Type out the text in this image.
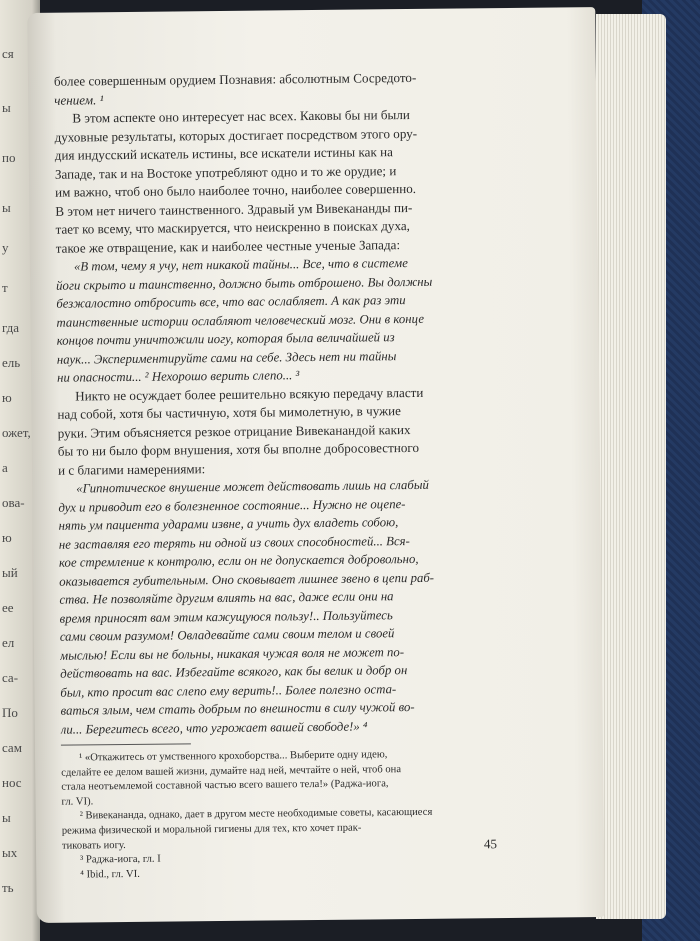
ся
ы
по
ы
у
т
гда
ель
ю
ожет,
а
ова-
ю
ый
ее
ел
са-
По
сам
нос
ы
ых
ть
более совершенным орудием Познавия: абсолютным Сосредото-
чением. ¹
В этом аспекте оно интересует нас всех. Каковы бы ни были
духовные результаты, которых достигает посредством этого ору-
дия индусский искатель истины, все искатели истины как на
Западе, так и на Востоке употребляют одно и то же орудие; и
им важно, чтоб оно было наиболее точно, наиболее совершенно.
В этом нет ничего таинственного. Здравый ум Вивекананды пи-
тает ко всему, что маскируется, что неискренно в поисках духа,
такое же отвращение, как и наиболее честные ученые Запада:
«В том, чему я учу, нет никакой тайны... Все, что в системе
йоги скрыто и таинственно, должно быть отброшено. Вы должны
безжалостно отбросить все, что вас ослабляет. А как раз эти
таинственные истории ослабляют человеческий мозг. Они в конце
концов почти уничтожили иогу, которая была величайшей из
наук... Экспериментируйте сами на себе. Здесь нет ни тайны
ни опасности... ² Нехорошо верить слепо... ³
Никто не осуждает более решительно всякую передачу власти
над собой, хотя бы частичную, хотя бы мимолетную, в чужие
руки. Этим объясняется резкое отрицание Вивеканандой каких
бы то ни было форм внушения, хотя бы вполне добросовестного
и с благими намерениями:
«Гипнотическое внушение может действовать лишь на слабый
дух и приводит его в болезненное состояние... Нужно не оцепе-
нять ум пациента ударами извне, а учить дух владеть собою,
не заставляя его терять ни одной из своих способностей... Вся-
кое стремление к контролю, если он не допускается добровольно,
оказывается губительным. Оно сковывает лишнее звено в цепи раб-
ства. Не позволяйте другим влиять на вас, даже если они на
время приносят вам этим кажущуюся пользу!.. Пользуйтесь
сами своим разумом! Овладевайте сами своим телом и своей
мыслью! Если вы не больны, никакая чужая воля не может по-
действовать на вас. Избегайте всякого, как бы велик и добр он
был, кто просит вас слепо ему верить!.. Более полезно оста-
ваться злым, чем стать добрым по внешности в силу чужой во-
ли... Берегитесь всего, что угрожает вашей свободе!» ⁴
¹ «Откажитесь от умственного крохоборства... Выберите одну идею,
сделайте ее делом вашей жизни, думайте над ней, мечтайте о ней, чтоб она
стала неотъемлемой составной частью всего вашего тела!» (Раджа-иога,
гл. VI).
² Вивекананда, однако, дает в другом месте необходимые советы, касающиеся
режима физической и моральной гигиены для тех, кто хочет прак-
тиковать иогу.
³ Раджа-иога, гл. I
⁴ Ibid., гл. VI.
45
